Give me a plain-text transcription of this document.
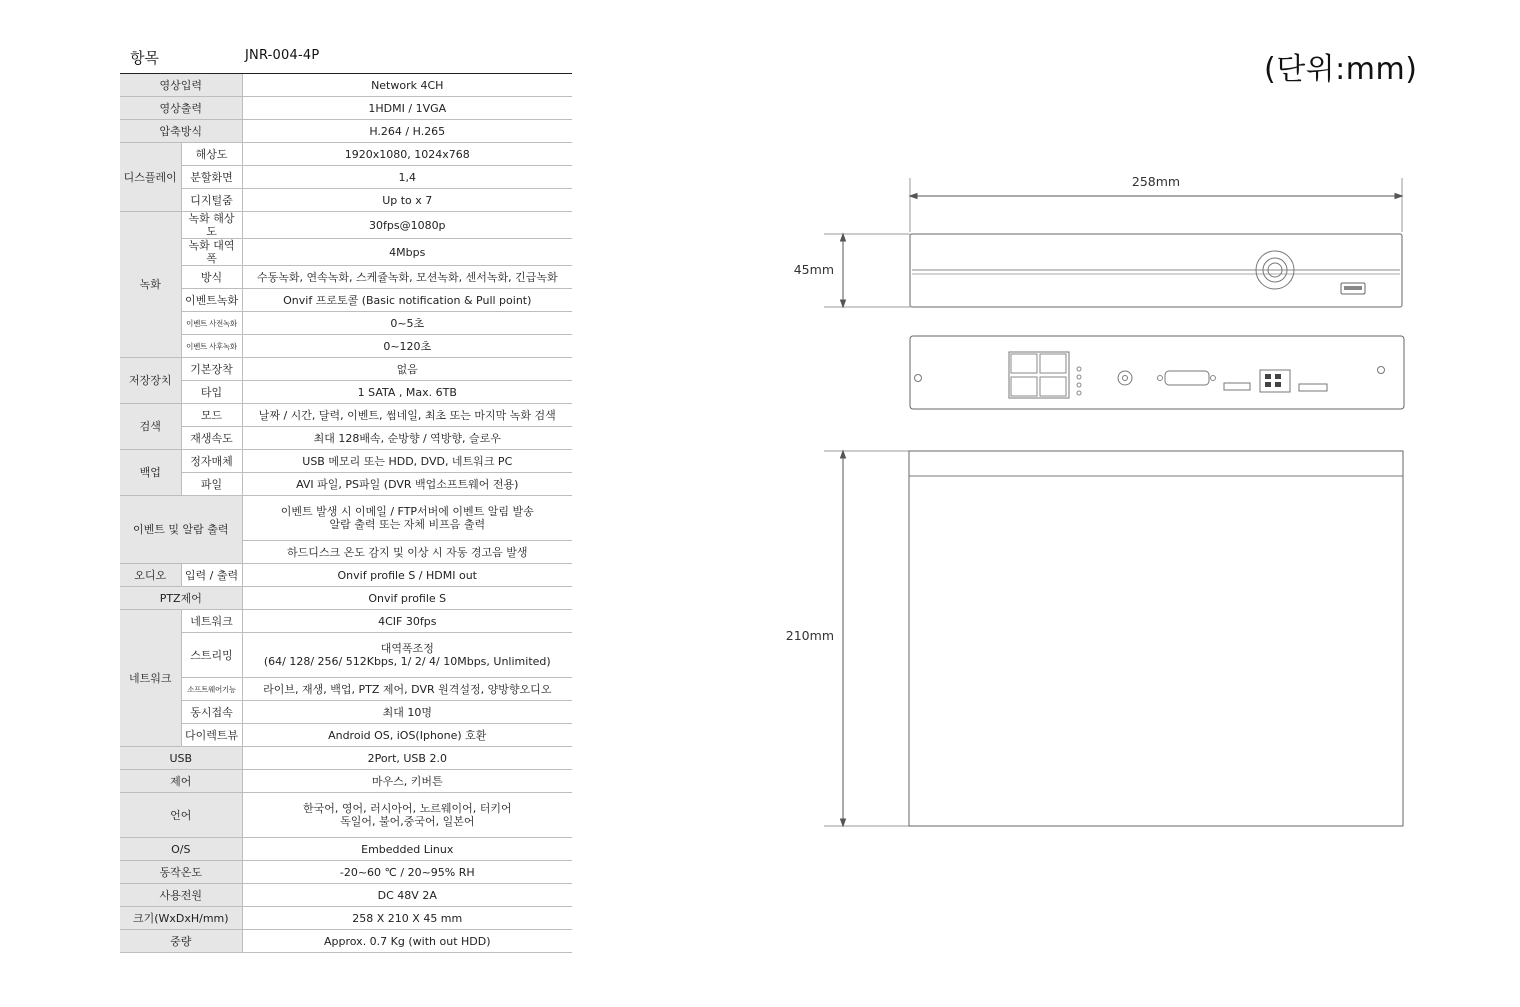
항목	JNR-004-4P
영상입력		Network 4CH
영상출력		1HDMI / 1VGA
압축방식		H.264 / H.265
디스플레이	해상도	1920x1080, 1024x768
	분할화면	1,4
	디지털줌	Up to x 7
녹화	녹화 해상도	30fps@1080p
	녹화 대역폭	4Mbps
	방식	수동녹화, 연속녹화, 스케쥴녹화, 모션녹화, 센서녹화, 긴급녹화
	이벤트녹화	Onvif 프로토콜 (Basic notification & Pull point)
	이벤트 사전녹화	0~5초
	이벤트 사후녹화	0~120초
저장장치	기본장착	없음
	타입	1 SATA , Max. 6TB
검색	모드	날짜 / 시간, 달력, 이벤트, 썸네일, 최초 또는 마지막 녹화 검색
	재생속도	최대 128배속, 순방향 / 역방향, 슬로우
백업	정자매체	USB 메모리 또는 HDD, DVD, 네트워크 PC
	파일	AVI 파일, PS파일 (DVR 백업소프트웨어 전용)
이벤트 및 알람 출력		이벤트 발생 시 이메일 / FTP서버에 이벤트 알림 발송
알람 출력 또는 자체 비프음 출력

		하드디스크 온도 감지 및 이상 시 자동 경고음 발생
오디오	입력 / 출력	Onvif profile S / HDMI out
PTZ제어		Onvif profile S
네트워크	네트워크	4CIF 30fps
	스트리밍	대역폭조정
(64/ 128/ 256/ 512Kbps, 1/ 2/ 4/ 10Mbps, Unlimited)

	소프트웨어기능	라이브, 재생, 백업, PTZ 제어, DVR 원격설정, 양방향오디오
	동시접속	최대 10명
	다이렉트뷰	Android OS, iOS(Iphone) 호환
USB		2Port, USB 2.0
제어		마우스, 키버튼
언어		한국어, 영어, 러시아어, 노르웨이어, 터키어
독일어, 불어,중국어, 일본어

O/S		Embedded Linux
동작온도		-20~60 ℃ / 20~95% RH
사용전원		DC 48V 2A
크기(WxDxH/mm)		258 X 210 X 45 mm
중량		Approx. 0.7 Kg (with out HDD)
(단위:mm)
258mm
45mm
210mm
